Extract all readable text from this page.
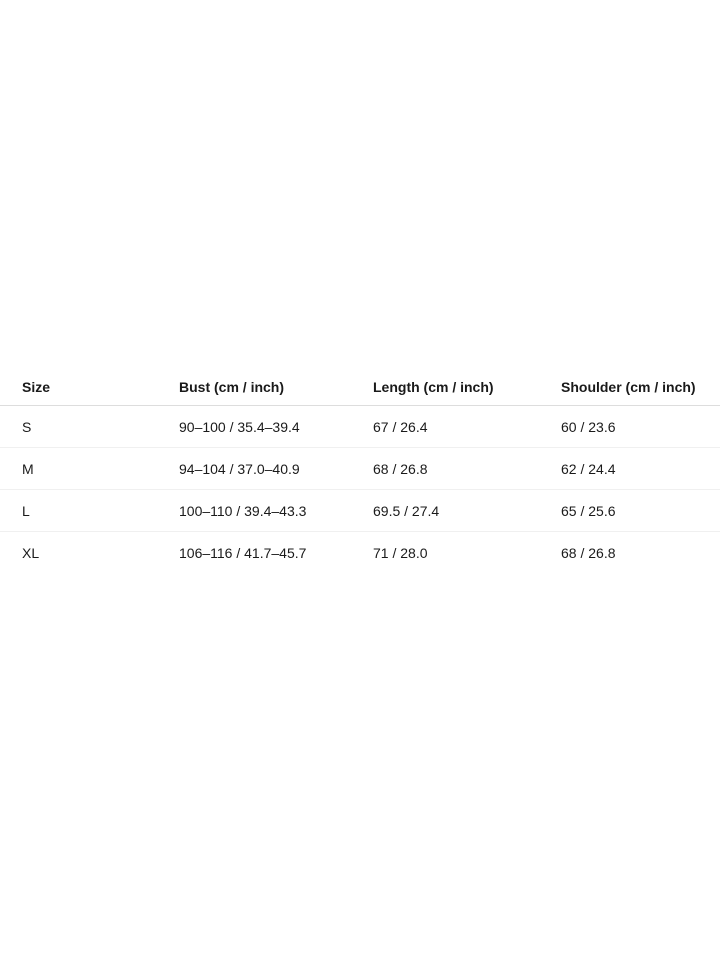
Size	Bust (cm / inch)	Length (cm / inch)	Shoulder (cm / inch)
S	90–100 / 35.4–39.4	67 / 26.4	60 / 23.6
M	94–104 / 37.0–40.9	68 / 26.8	62 / 24.4
L	100–110 / 39.4–43.3	69.5 / 27.4	65 / 25.6
XL	106–116 / 41.7–45.7	71 / 28.0	68 / 26.8
